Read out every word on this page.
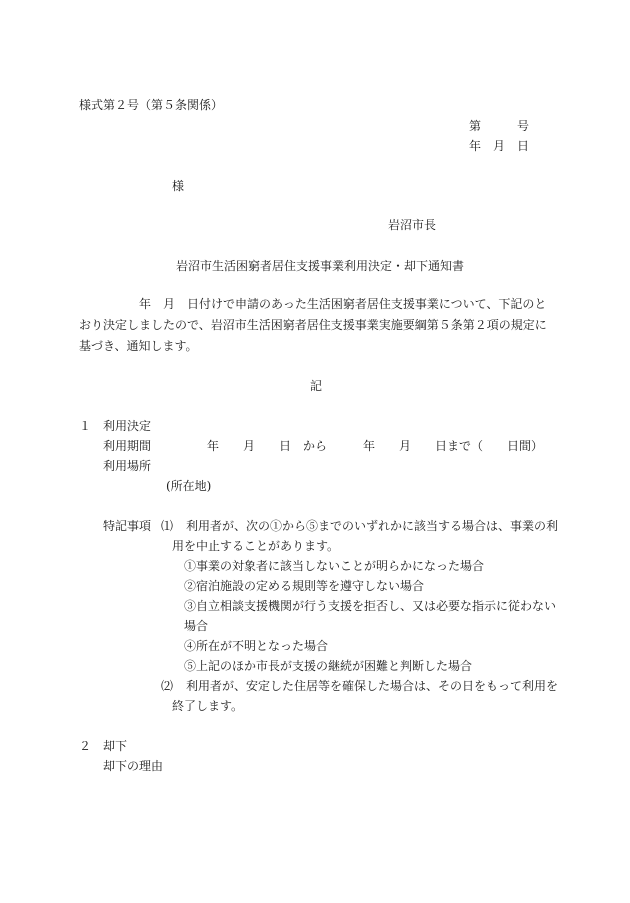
様式第２号（第５条関係）
第　　　号
年　月　日
様
岩沼市長
岩沼市生活困窮者居住支援事業利用決定・却下通知書
　　　　　年　月　日付けで申請のあった生活困窮者居住支援事業について、下記のとおり決定しましたので、岩沼市生活困窮者居住支援事業実施要綱第５条第２項の規定に基づき、通知します。
記
１ 利用決定
利用期間	年　　月　　日　から　　　年　　月　　日まで（　　日間）
利用場所
(所在地)
特記事項 ⑴ 利用者が、次の①から⑤までのいずれかに該当する場合は、事業の利
用を中止することがあります。
①事業の対象者に該当しないことが明らかになった場合
②宿泊施設の定める規則等を遵守しない場合
③自立相談支援機関が行う支援を拒否し、又は必要な指示に従わない
場合
④所在が不明となった場合
⑤上記のほか市長が支援の継続が困難と判断した場合
⑵ 利用者が、安定した住居等を確保した場合は、その日をもって利用を
終了します。
２ 却下
却下の理由
